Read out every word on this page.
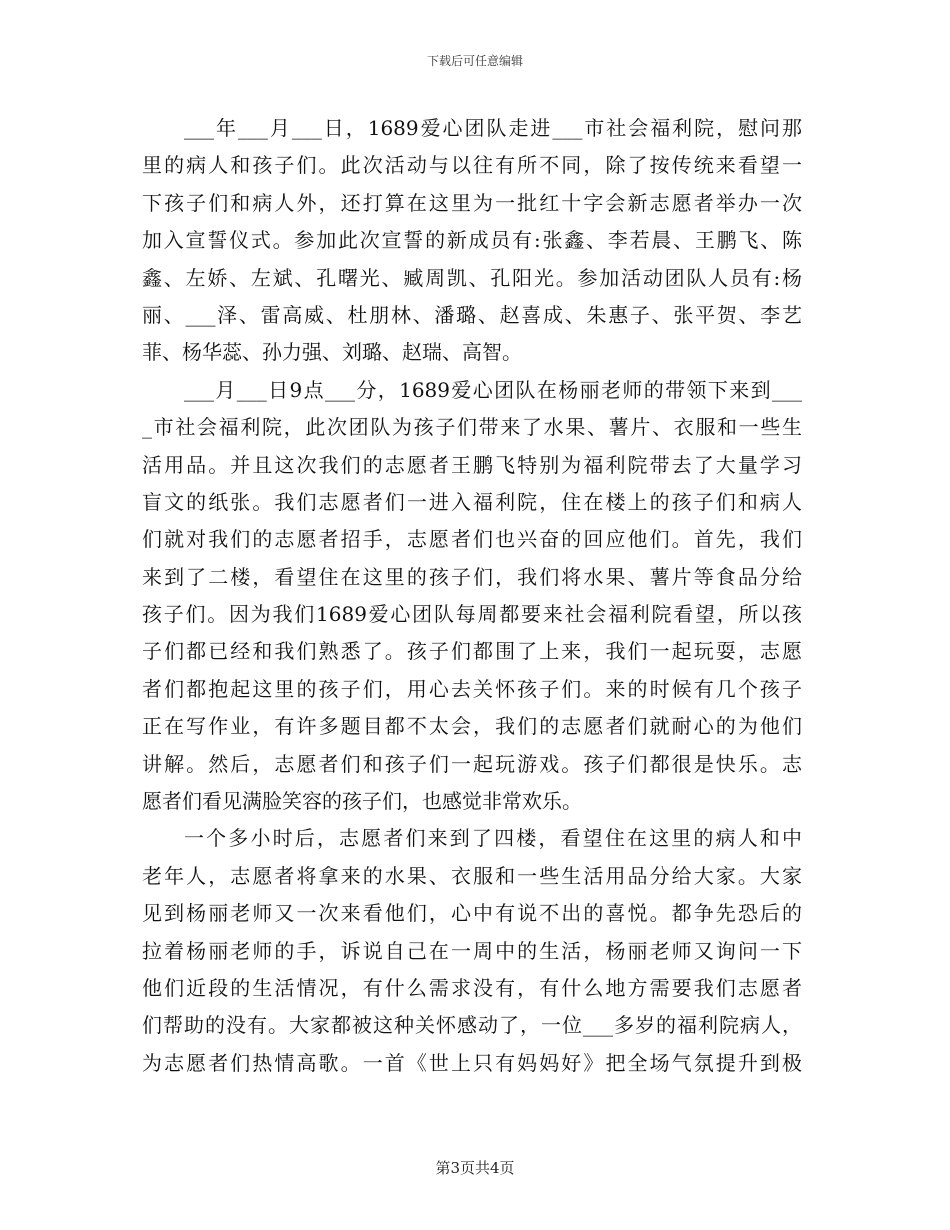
下载后可任意编辑
___年___月___日，1689爱心团队走进___市社会福利院，慰问那
里的病人和孩子们。此次活动与以往有所不同，除了按传统来看望一
下孩子们和病人外，还打算在这里为一批红十字会新志愿者举办一次
加入宣誓仪式。参加此次宣誓的新成员有:张鑫、李若晨、王鹏飞、陈
鑫、左娇、左斌、孔曙光、臧周凯、孔阳光。参加活动团队人员有:杨
丽、___泽、雷高威、杜朋林、潘璐、赵喜成、朱惠子、张平贺、李艺
菲、杨华蕊、孙力强、刘璐、赵瑞、高智。
___月___日9点___分，1689爱心团队在杨丽老师的带领下来到___
_市社会福利院，此次团队为孩子们带来了水果、薯片、衣服和一些生
活用品。并且这次我们的志愿者王鹏飞特别为福利院带去了大量学习
盲文的纸张。我们志愿者们一进入福利院，住在楼上的孩子们和病人
们就对我们的志愿者招手，志愿者们也兴奋的回应他们。首先，我们
来到了二楼，看望住在这里的孩子们，我们将水果、薯片等食品分给
孩子们。因为我们1689爱心团队每周都要来社会福利院看望，所以孩
子们都已经和我们熟悉了。孩子们都围了上来，我们一起玩耍，志愿
者们都抱起这里的孩子们，用心去关怀孩子们。来的时候有几个孩子
正在写作业，有许多题目都不太会，我们的志愿者们就耐心的为他们
讲解。然后，志愿者们和孩子们一起玩游戏。孩子们都很是快乐。志
愿者们看见满脸笑容的孩子们，也感觉非常欢乐。
一个多小时后，志愿者们来到了四楼，看望住在这里的病人和中
老年人，志愿者将拿来的水果、衣服和一些生活用品分给大家。大家
见到杨丽老师又一次来看他们，心中有说不出的喜悦。都争先恐后的
拉着杨丽老师的手，诉说自己在一周中的生活，杨丽老师又询问一下
他们近段的生活情况，有什么需求没有，有什么地方需要我们志愿者
们帮助的没有。大家都被这种关怀感动了，一位___多岁的福利院病人，
为志愿者们热情高歌。一首《世上只有妈妈好》把全场气氛提升到极
第3页共4页
